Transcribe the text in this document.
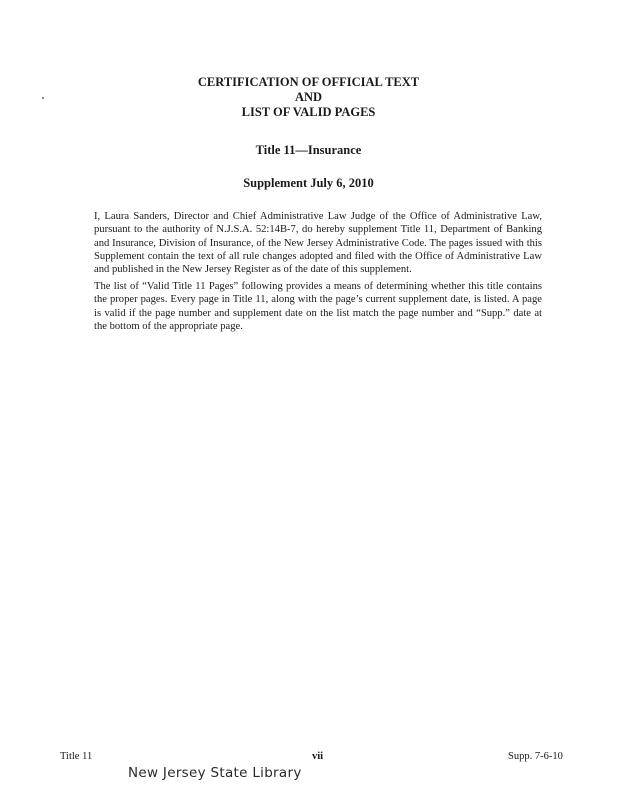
CERTIFICATION OF OFFICIAL TEXT
AND
LIST OF VALID PAGES
Title 11—Insurance
Supplement July 6, 2010

I, Laura Sanders, Director and Chief Administrative Law Judge of the Office of Administrative Law, pursuant to the authority of N.J.S.A. 52:14B-7, do hereby supplement Title 11, Department of Banking and Insurance, Division of Insurance, of the New Jersey Administrative Code. The pages issued with this Supplement contain the text of all rule changes adopted and filed with the Office of Administrative Law and published in the New Jersey Register as of the date of this supplement.

The list of “Valid Title 11 Pages” following provides a means of determining whether this title contains the proper pages. Every page in Title 11, along with the page’s current supplement date, is listed. A page is valid if the page number and supplement date on the list match the page number and “Supp.” date at the bottom of the appropriate page.

Title 11	vii	Supp. 7-6-10
New Jersey State Library
